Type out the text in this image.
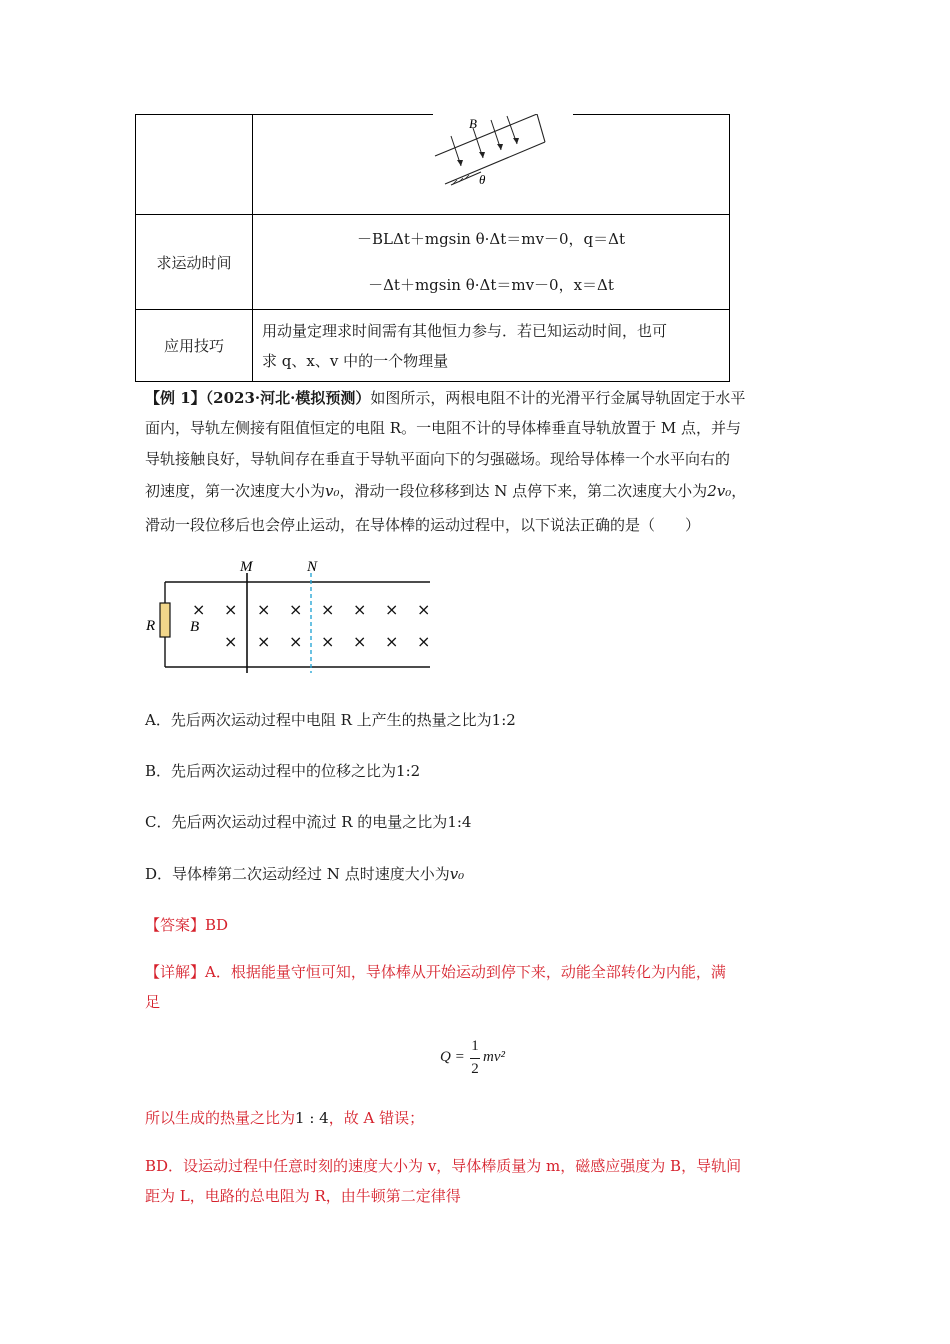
B
θ

求运动时间	－BLΔt＋mgsin θ·Δt＝mv－0，q＝Δt
－Δt＋mgsin θ·Δt＝mv－0，x＝Δt

应用技巧	用动量定理求时间需有其他恒力参与．若已知运动时间，也可
求 q、x、v 中的一个物理量
【例 1】（2023·河北·模拟预测）如图所示，两根电阻不计的光滑平行金属导轨固定于水平
面内，导轨左侧接有阻值恒定的电阻 R。一电阻不计的导体棒垂直导轨放置于 M 点，并与
导轨接触良好，导轨间存在垂直于导轨平面向下的匀强磁场。现给导体棒一个水平向右的
初速度，第一次速度大小为v₀，滑动一段位移移到达 N 点停下来，第二次速度大小为2v₀，
滑动一段位移后也会停止运动，在导体棒的运动过程中，以下说法正确的是（　　）
R B
M	N
× × × × × × × ×
× × × × × × ×
A．先后两次运动过程中电阻 R 上产生的热量之比为1:2
B．先后两次运动过程中的位移之比为1:2
C．先后两次运动过程中流过 R 的电量之比为1:4
D．导体棒第二次运动经过 N 点时速度大小为v₀
【答案】BD
【详解】A．根据能量守恒可知，导体棒从开始运动到停下来，动能全部转化为内能，满
足
Q =
1
2
mv²
所以生成的热量之比为1 : 4，故 A 错误；
BD．设运动过程中任意时刻的速度大小为 v，导体棒质量为 m，磁感应强度为 B，导轨间
距为 L，电路的总电阻为 R，由牛顿第二定律得
